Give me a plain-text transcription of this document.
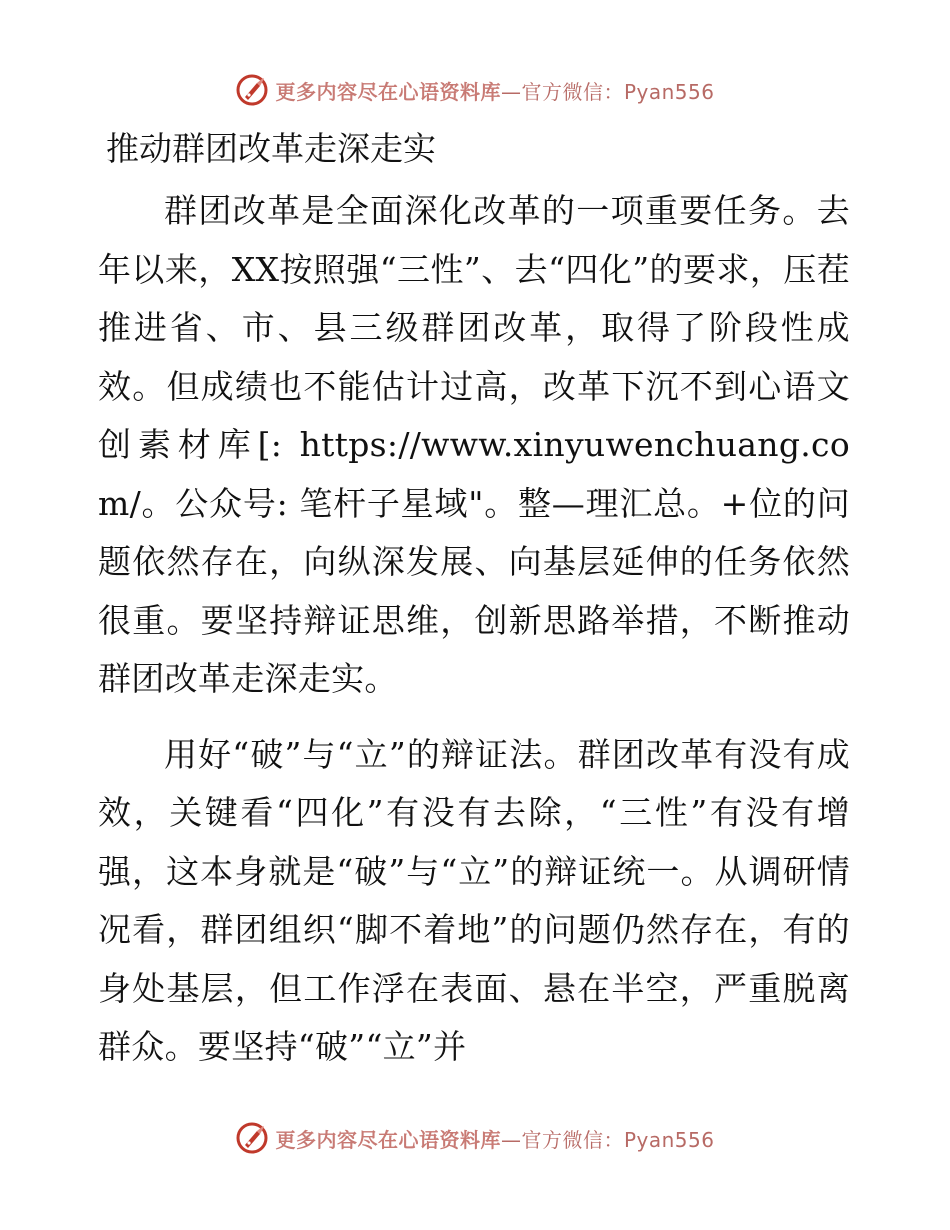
更多内容尽在心语资料库 —官方微信：Pyan556
推动群团改革走深走实

群团改革是全面深化改革的一项重要任务。去年以来，XX按照强“三性”、去“四化”的要求，压茬推进省、市、县三级群团改革，取得了阶段性成效。但成绩也不能估计过高，改革下沉不到心语文创素材库[: https://www.xinyuwenchuang.com/。公众号: 笔杆子星域"。整—理汇总。+位的问题依然存在，向纵深发展、向基层延伸的任务依然很重。要坚持辩证思维，创新思路举措，不断推动群团改革走深走实。

用好“破”与“立”的辩证法。群团改革有没有成效，关键看“四化”有没有去除，“三性”有没有增强，这本身就是“破”与“立”的辩证统一。从调研情况看，群团组织“脚不着地”的问题仍然存在，有的身处基层，但工作浮在表面、悬在半空，严重脱离群众。要坚持“破”“立”并

更多内容尽在心语资料库 —官方微信：Pyan556
